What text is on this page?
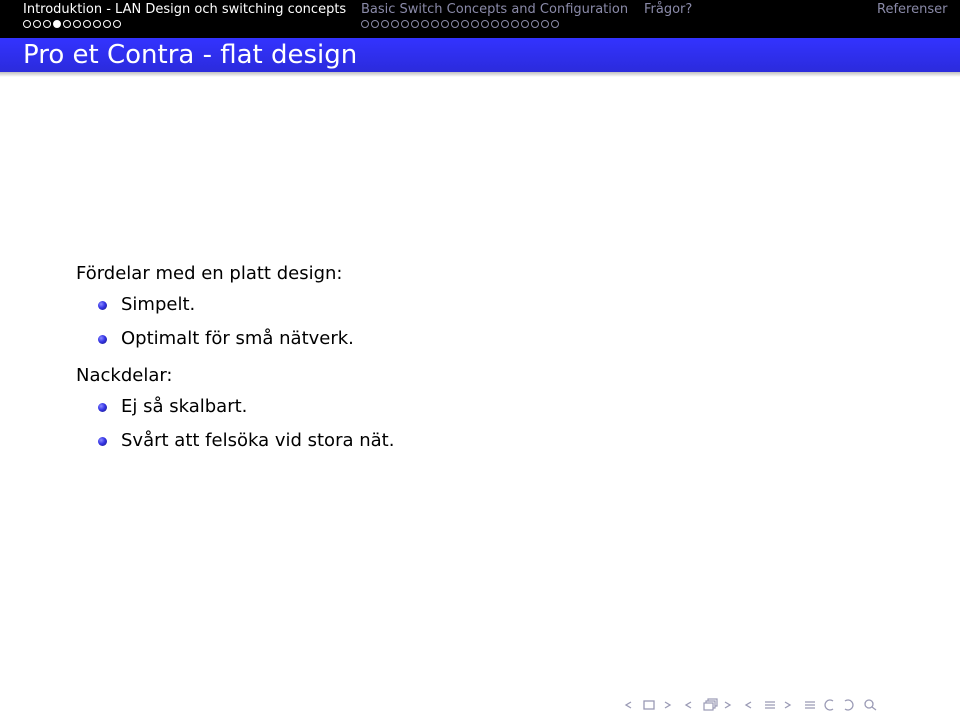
Introduktion - LAN Design och switching concepts Basic Switch Concepts and Configuration Frågor?	Referenser
Pro et Contra - flat design
Fördelar med en platt design:
Simpelt.
Optimalt för små nätverk.
Nackdelar:
Ej så skalbart.
Svårt att felsöka vid stora nät.
